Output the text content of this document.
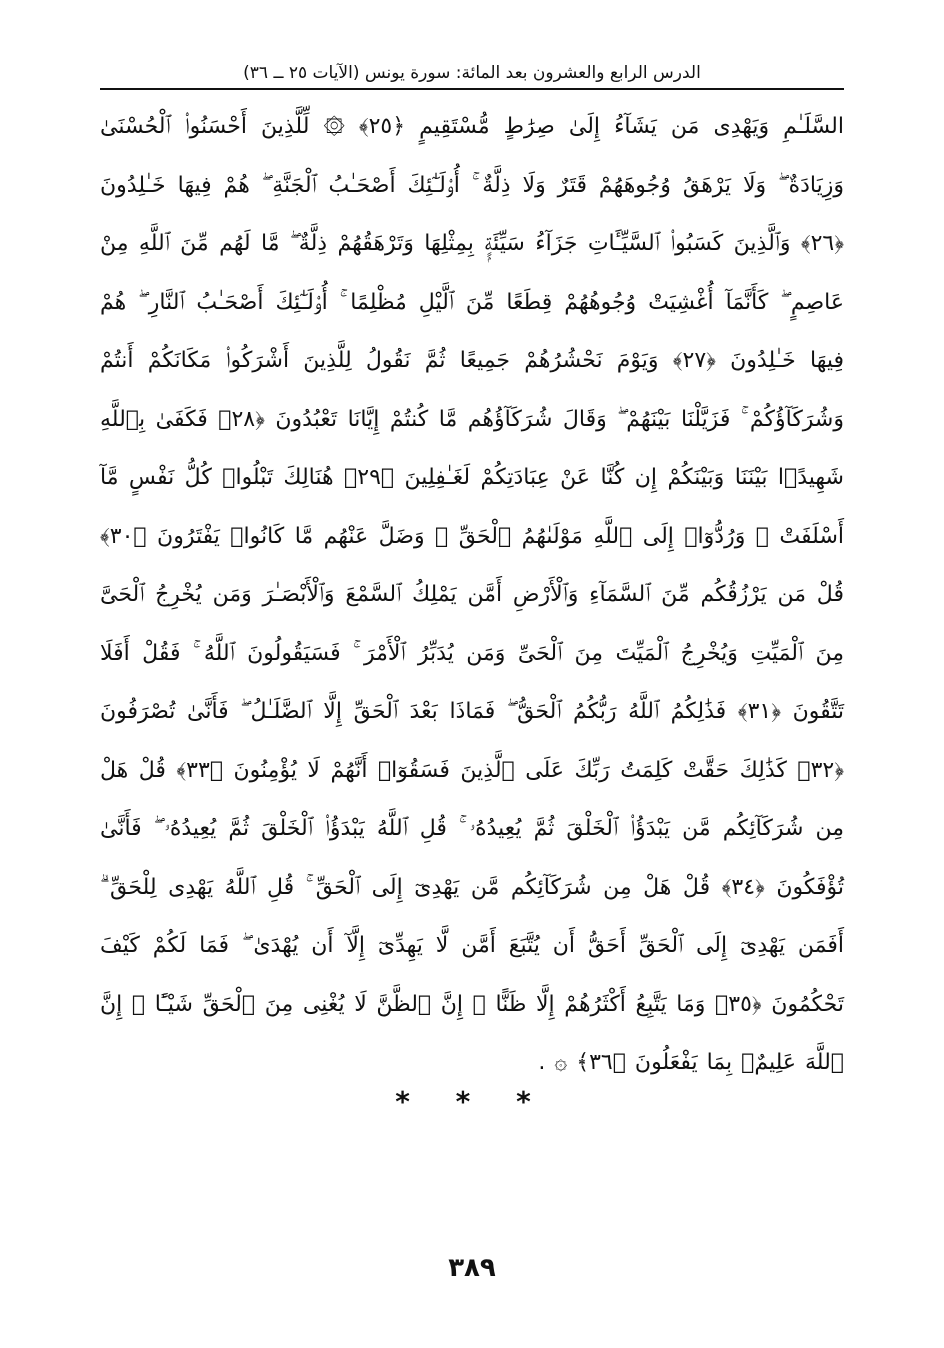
الدرس الرابع والعشرون بعد المائة: سورة يونس (الآيات ٢٥ ــ ٣٦)

السَّلَـٰمِ وَيَهْدِى مَن يَشَآءُ إِلَىٰ صِرَٰطٍ مُّسْتَقِيمٍ ﴿٢٥﴾ ۞ لِّلَّذِينَ أَحْسَنُوا۟ ٱلْحُسْنَىٰ وَزِيَادَةٌ ۖ وَلَا يَرْهَقُ وُجُوهَهُمْ قَتَرٌ وَلَا ذِلَّةٌ ۚ أُو۟لَـٰٓئِكَ أَصْحَـٰبُ ٱلْجَنَّةِ ۖ هُمْ فِيهَا خَـٰلِدُونَ ﴿٢٦﴾ وَٱلَّذِينَ كَسَبُوا۟ ٱلسَّيِّـَٔاتِ جَزَآءُ سَيِّئَةٍۭ بِمِثْلِهَا وَتَرْهَقُهُمْ ذِلَّةٌ ۖ مَّا لَهُم مِّنَ ٱللَّهِ مِنْ عَاصِمٍ ۖ كَأَنَّمَآ أُغْشِيَتْ وُجُوهُهُمْ قِطَعًا مِّنَ ٱلَّيْلِ مُظْلِمًا ۚ أُو۟لَـٰٓئِكَ أَصْحَـٰبُ ٱلنَّارِ ۖ هُمْ فِيهَا خَـٰلِدُونَ ﴿٢٧﴾ وَيَوْمَ نَحْشُرُهُمْ جَمِيعًا ثُمَّ نَقُولُ لِلَّذِينَ أَشْرَكُوا۟ مَكَانَكُمْ أَنتُمْ وَشُرَكَآؤُكُمْ ۚ فَزَيَّلْنَا بَيْنَهُمْ ۖ وَقَالَ شُرَكَآؤُهُم مَّا كُنتُمْ إِيَّانَا تَعْبُدُونَ ﴿٢٨﴾ فَكَفَىٰ بِٱللَّهِ شَهِيدًۢا بَيْنَنَا وَبَيْنَكُمْ إِن كُنَّا عَنْ عِبَادَتِكُمْ لَغَـٰفِلِينَ ﴿٢٩﴾ هُنَالِكَ تَبْلُوا۟ كُلُّ نَفْسٍ مَّآ أَسْلَفَتْ ۚ وَرُدُّوٓا۟ إِلَى ٱللَّهِ مَوْلَىٰهُمُ ٱلْحَقِّ ۖ وَضَلَّ عَنْهُم مَّا كَانُوا۟ يَفْتَرُونَ ﴿٣٠﴾ قُلْ مَن يَرْزُقُكُم مِّنَ ٱلسَّمَآءِ وَٱلْأَرْضِ أَمَّن يَمْلِكُ ٱلسَّمْعَ وَٱلْأَبْصَـٰرَ وَمَن يُخْرِجُ ٱلْحَىَّ مِنَ ٱلْمَيِّتِ وَيُخْرِجُ ٱلْمَيِّتَ مِنَ ٱلْحَىِّ وَمَن يُدَبِّرُ ٱلْأَمْرَ ۚ فَسَيَقُولُونَ ٱللَّهُ ۚ فَقُلْ أَفَلَا تَتَّقُونَ ﴿٣١﴾ فَذَٰلِكُمُ ٱللَّهُ رَبُّكُمُ ٱلْحَقُّ ۖ فَمَاذَا بَعْدَ ٱلْحَقِّ إِلَّا ٱلضَّلَـٰلُ ۖ فَأَنَّىٰ تُصْرَفُونَ ﴿٣٢﴾ كَذَٰلِكَ حَقَّتْ كَلِمَتُ رَبِّكَ عَلَى ٱلَّذِينَ فَسَقُوٓا۟ أَنَّهُمْ لَا يُؤْمِنُونَ ﴿٣٣﴾ قُلْ هَلْ مِن شُرَكَآئِكُم مَّن يَبْدَؤُا۟ ٱلْخَلْقَ ثُمَّ يُعِيدُهُۥ ۚ قُلِ ٱللَّهُ يَبْدَؤُا۟ ٱلْخَلْقَ ثُمَّ يُعِيدُهُۥ ۖ فَأَنَّىٰ تُؤْفَكُونَ ﴿٣٤﴾ قُلْ هَلْ مِن شُرَكَآئِكُم مَّن يَهْدِىٓ إِلَى ٱلْحَقِّ ۚ قُلِ ٱللَّهُ يَهْدِى لِلْحَقِّ ۗ أَفَمَن يَهْدِىٓ إِلَى ٱلْحَقِّ أَحَقُّ أَن يُتَّبَعَ أَمَّن لَّا يَهِدِّىٓ إِلَّآ أَن يُهْدَىٰ ۖ فَمَا لَكُمْ كَيْفَ تَحْكُمُونَ ﴿٣٥﴾ وَمَا يَتَّبِعُ أَكْثَرُهُمْ إِلَّا ظَنًّا ۚ إِنَّ ٱلظَّنَّ لَا يُغْنِى مِنَ ٱلْحَقِّ شَيْـًٔا ۚ إِنَّ ٱللَّهَ عَلِيمٌۢ بِمَا يَفْعَلُونَ ﴿٣٦﴾ ۞ .

* * *
٣٨٩
